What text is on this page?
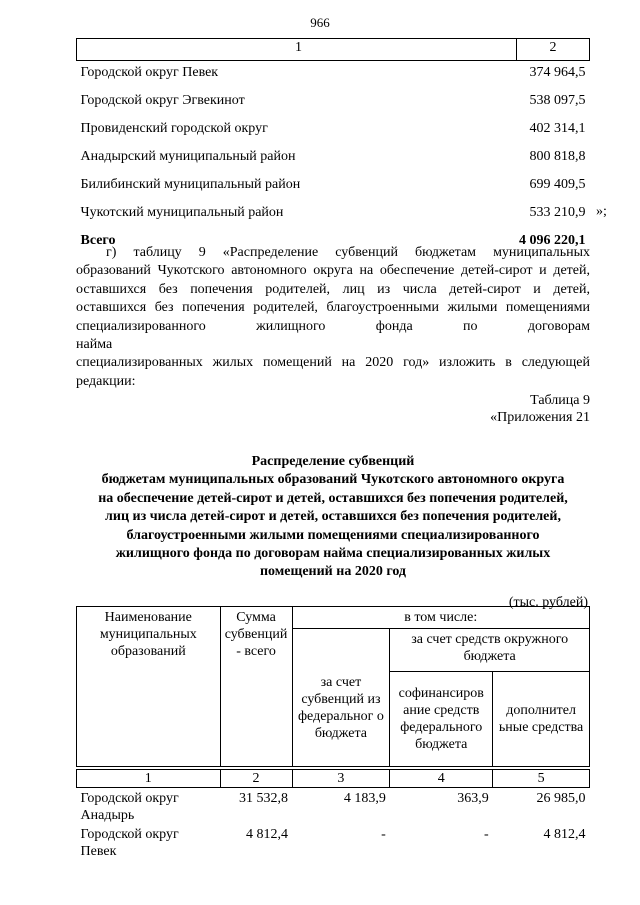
966
1	2
Городской округ Певек	374 964,5
Городской округ Эгвекинот	538 097,5
Провиденский городской округ	402 314,1
Анадырский муниципальный район	800 818,8
Билибинский муниципальный район	699 409,5
Чукотский муниципальный район	533 210,9
Всего	4 096 220,1
»;
г) таблицу 9 «Распределение субвенций бюджетам муниципальных
образований Чукотского автономного округа на обеспечение детей-сирот и детей,
оставшихся без попечения родителей, лиц из числа детей-сирот и детей,
оставшихся без попечения родителей, благоустроенными жилыми помещениями
специализированного жилищного фонда по договорам найма
специализированных жилых помещений на 2020 год» изложить в следующей
редакции:
Таблица 9
«Приложения 21
Распределение субвенций
бюджетам муниципальных образований Чукотского автономного округа
на обеспечение детей-сирот и детей, оставшихся без попечения родителей,
лиц из числа детей-сирот и детей, оставшихся без попечения родителей,
благоустроенными жилыми помещениями специализированного
жилищного фонда по договорам найма специализированных жилых
помещений на 2020 год
(тыс. рублей)
Наименование муниципальных образований	Сумма субвенций - всего	в том числе:		
		за счет субвенций из федеральног о бюджета	за счет средств окружного бюджета	
			софинансиров ание средств федерального бюджета	дополнител ьные средства

1	2	3	4	5
Городской округ Анадырь	31 532,8	4 183,9	363,9	26 985,0
Городской округ Певек	4 812,4	-	-	4 812,4
